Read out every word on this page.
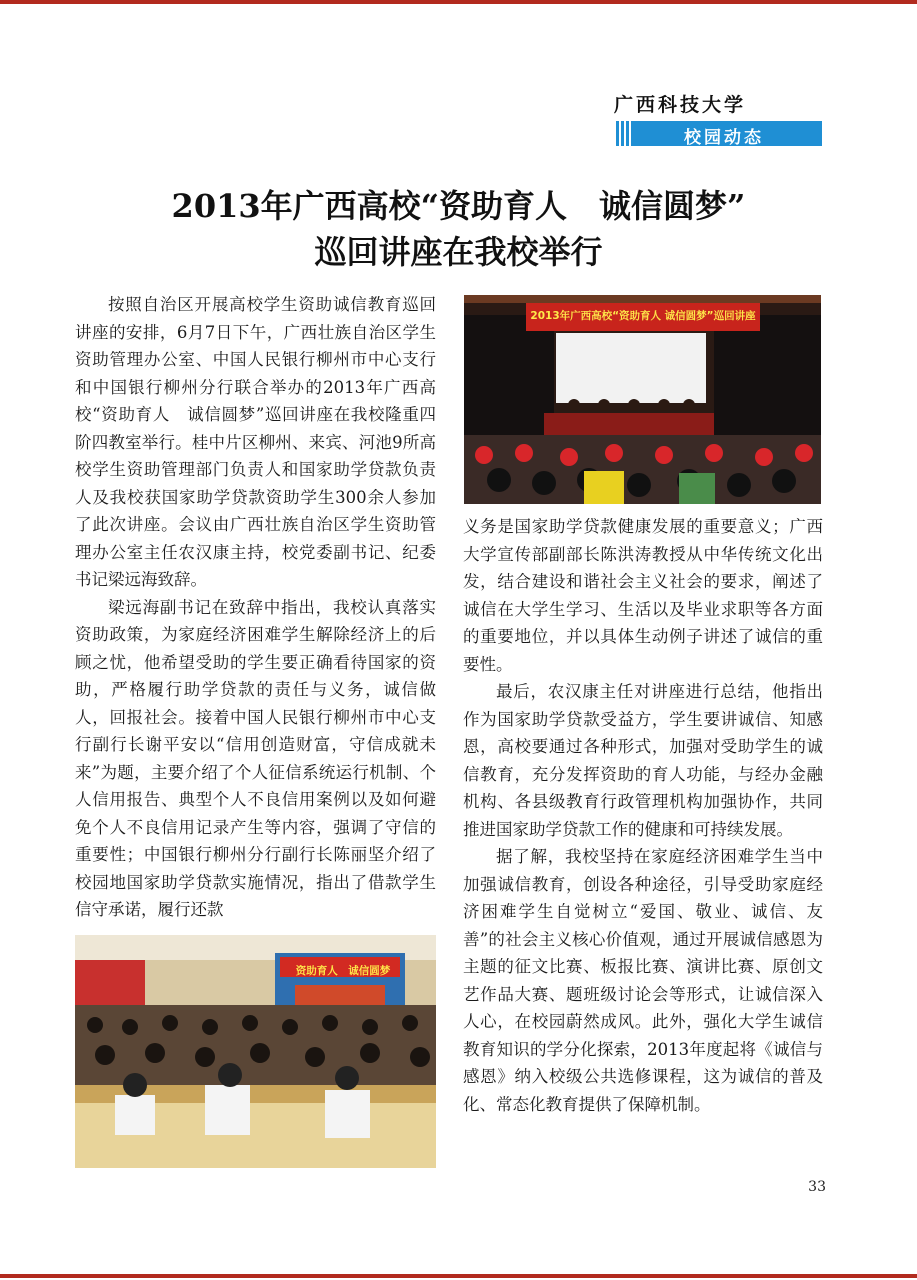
广西科技大学
校园动态
2013年广西高校“资助育人　诚信圆梦”
巡回讲座在我校举行

按照自治区开展高校学生资助诚信教育巡回讲座的安排，6月7日下午，广西壮族自治区学生资助管理办公室、中国人民银行柳州市中心支行和中国银行柳州分行联合举办的2013年广西高校“资助育人　诚信圆梦”巡回讲座在我校隆重四阶四教室举行。桂中片区柳州、来宾、河池9所高校学生资助管理部门负责人和国家助学贷款负责人及我校获国家助学贷款资助学生300余人参加了此次讲座。会议由广西壮族自治区学生资助管理办公室主任农汉康主持，校党委副书记、纪委书记梁远海致辞。

梁远海副书记在致辞中指出，我校认真落实资助政策，为家庭经济困难学生解除经济上的后顾之忧，他希望受助的学生要正确看待国家的资助，严格履行助学贷款的责任与义务，诚信做人，回报社会。接着中国人民银行柳州市中心支行副行长谢平安以“信用创造财富，守信成就未来”为题，主要介绍了个人征信系统运行机制、个人信用报告、典型个人不良信用案例以及如何避免个人不良信用记录产生等内容，强调了守信的重要性；中国银行柳州分行副行长陈丽坚介绍了校园地国家助学贷款实施情况，指出了借款学生信守承诺，履行还款

2013年广西高校“资助育人 诚信圆梦”巡回讲座

义务是国家助学贷款健康发展的重要意义；广西大学宣传部副部长陈洪涛教授从中华传统文化出发，结合建设和谐社会主义社会的要求，阐述了诚信在大学生学习、生活以及毕业求职等各方面的重要地位，并以具体生动例子讲述了诚信的重要性。

最后，农汉康主任对讲座进行总结，他指出作为国家助学贷款受益方，学生要讲诚信、知感恩，高校要通过各种形式，加强对受助学生的诚信教育，充分发挥资助的育人功能，与经办金融机构、各县级教育行政管理机构加强协作，共同推进国家助学贷款工作的健康和可持续发展。

据了解，我校坚持在家庭经济困难学生当中加强诚信教育，创设各种途径，引导受助家庭经济困难学生自觉树立“爱国、敬业、诚信、友善”的社会主义核心价值观，通过开展诚信感恩为主题的征文比赛、板报比赛、演讲比赛、原创文艺作品大赛、题班级讨论会等形式，让诚信深入人心，在校园蔚然成风。此外，强化大学生诚信教育知识的学分化探索，2013年度起将《诚信与感恩》纳入校级公共选修课程，这为诚信的普及化、常态化教育提供了保障机制。

资助育人　诚信圆梦
33
